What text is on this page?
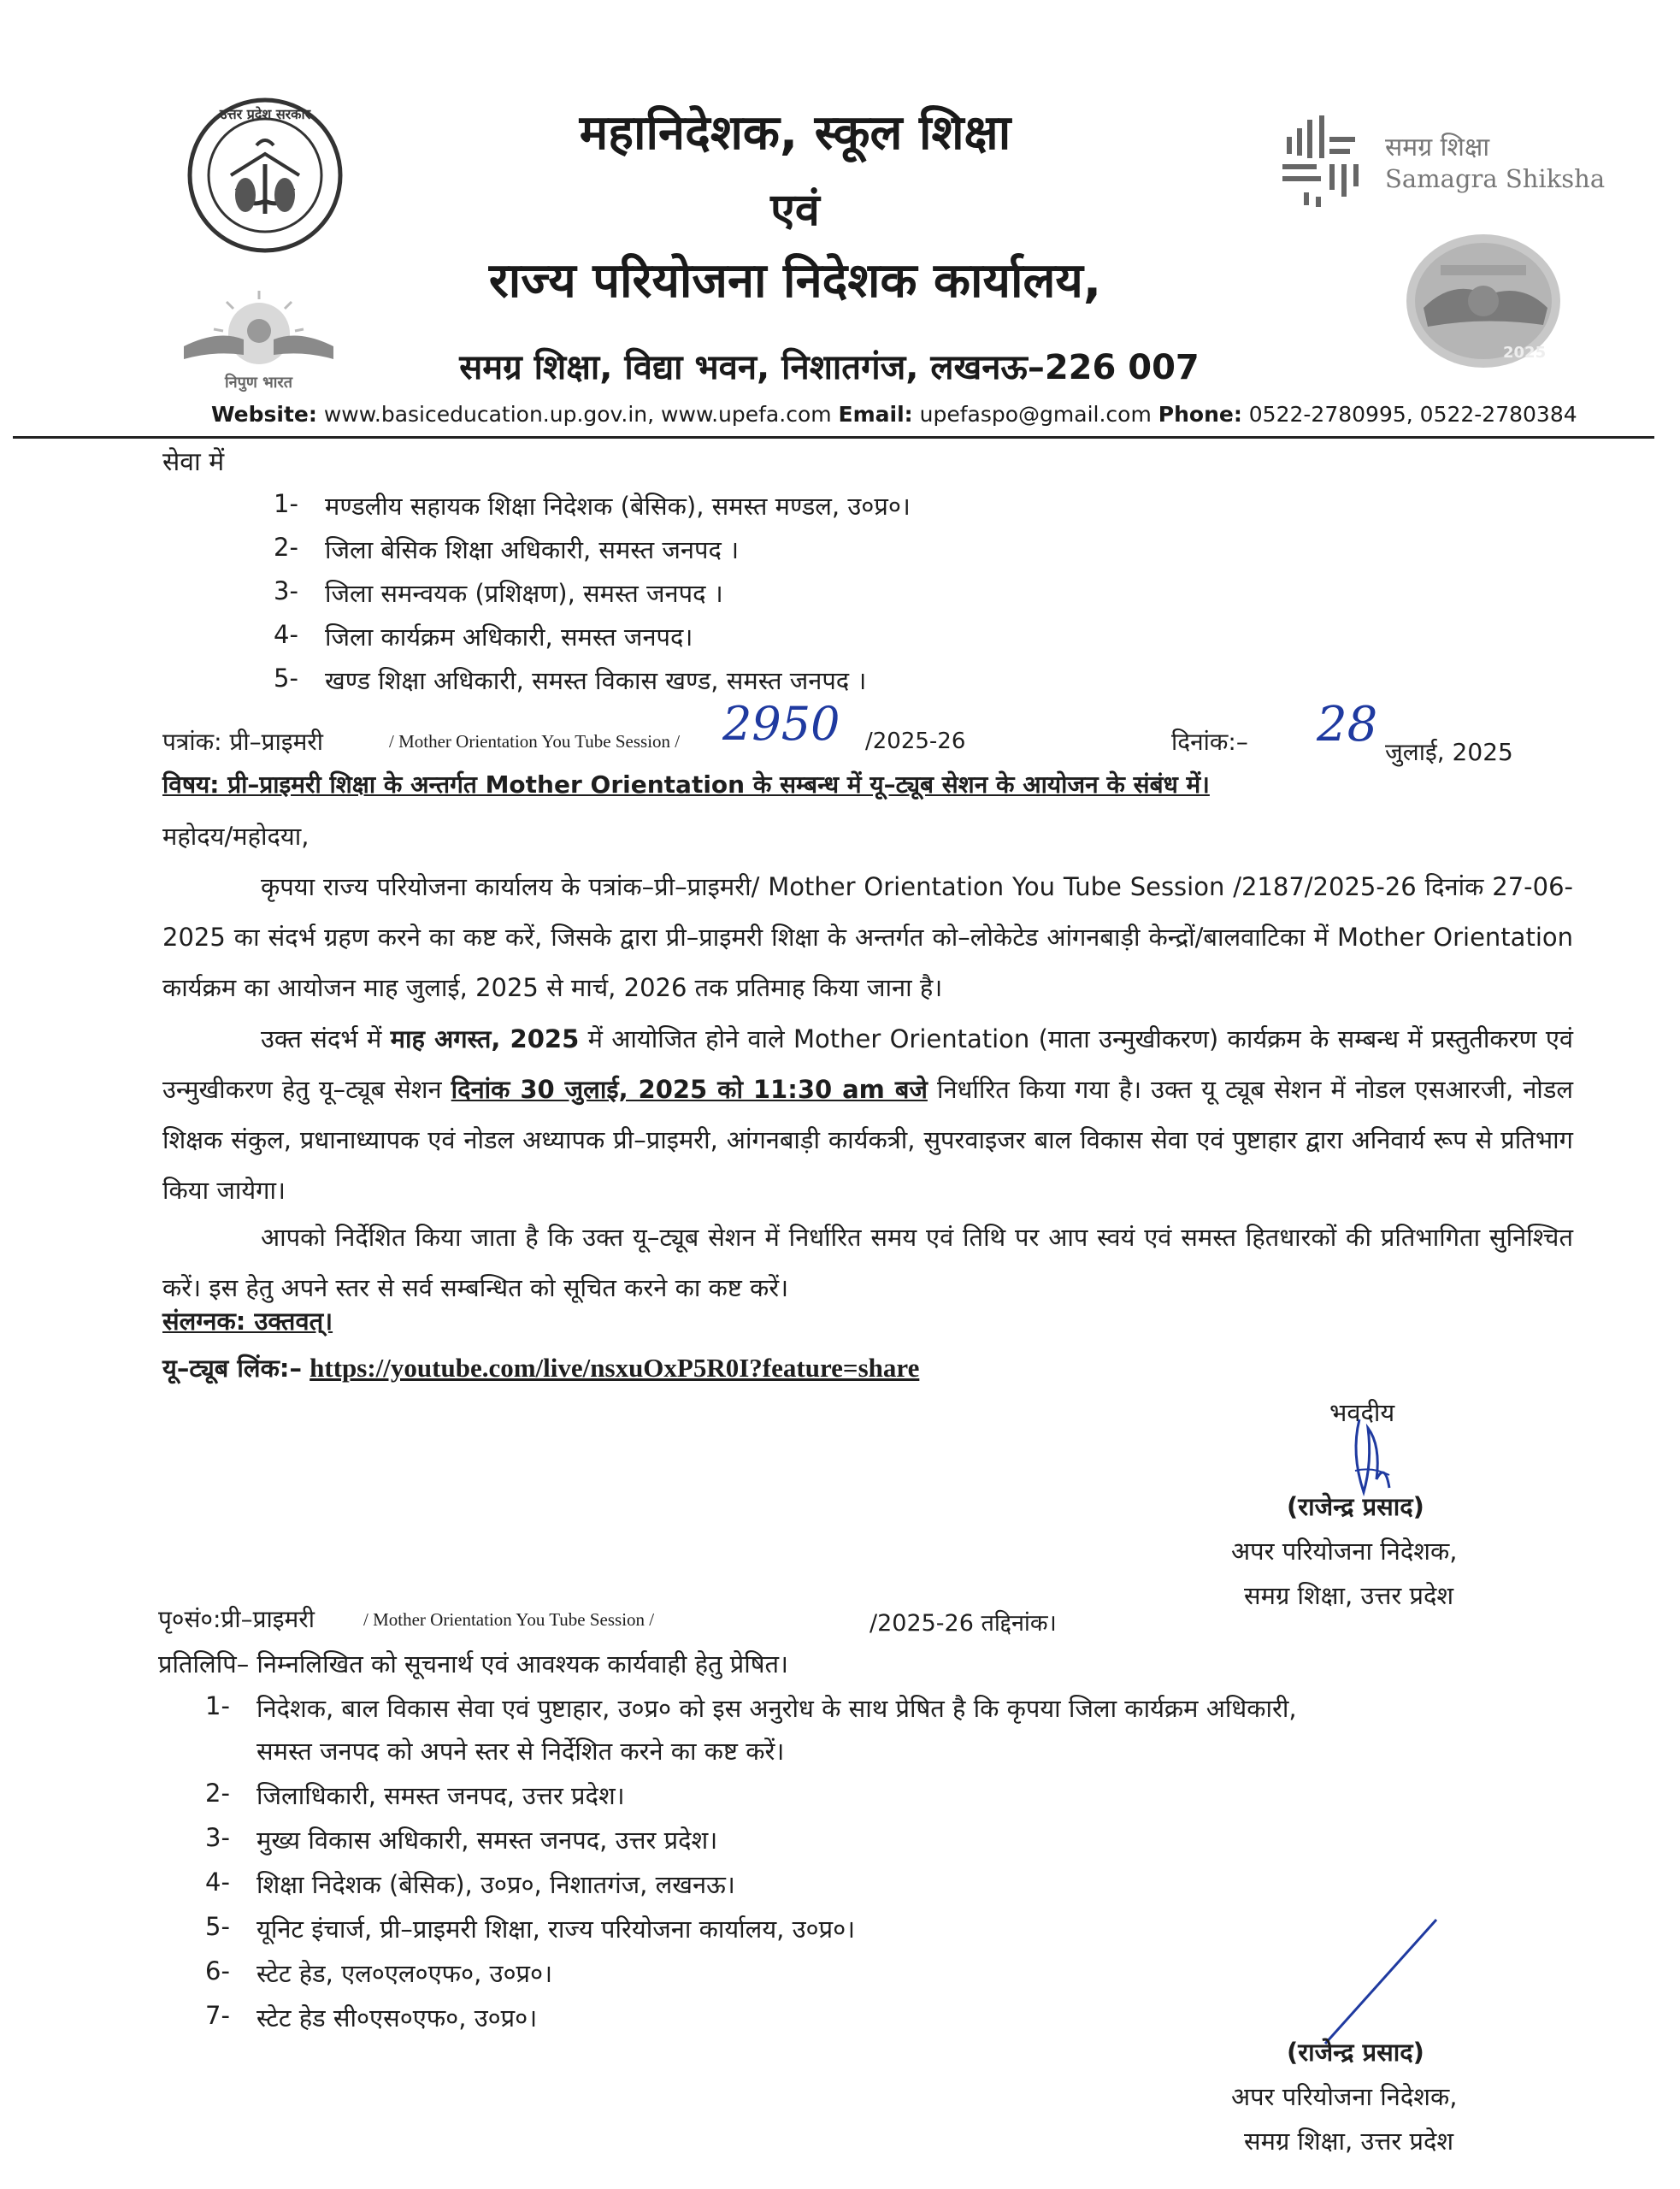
उत्तर प्रदेश सरकार
निपुण भारत
महानिदेशक, स्कूल शिक्षा
एवं
राज्य परियोजना निदेशक कार्यालय,
समग्र शिक्षा, विद्या भवन, निशातगंज, लखनऊ–226 007
समग्र शिक्षा
Samagra Shiksha
2025
Website: www.basiceducation.up.gov.in, www.upefa.com Email: upefaspo@gmail.com Phone: 0522-2780995, 0522-2780384
सेवा में
1-	मण्डलीय सहायक शिक्षा निदेशक (बेसिक), समस्त मण्डल, उ०प्र०।
2-	जिला बेसिक शिक्षा अधिकारी, समस्त जनपद ।
3-	जिला समन्वयक (प्रशिक्षण), समस्त जनपद ।
4-	जिला कार्यक्रम अधिकारी, समस्त जनपद।
5-	खण्ड शिक्षा अधिकारी, समस्त विकास खण्ड, समस्त जनपद ।
पत्रांक: प्री–प्राइमरी	/ Mother Orientation You Tube Session / 2950 /2025-26	दिनांक:– 28 जुलाई, 2025
विषय: प्री–प्राइमरी शिक्षा के अन्तर्गत Mother Orientation के सम्बन्ध में यू–ट्यूब सेशन के आयोजन के संबंध में।
महोदय/महोदया,
कृपया राज्य परियोजना कार्यालय के पत्रांक–प्री–प्राइमरी/ Mother Orientation You Tube Session /2187/2025-26 दिनांक 27-06-2025 का संदर्भ ग्रहण करने का कष्ट करें, जिसके द्वारा प्री–प्राइमरी शिक्षा के अन्तर्गत को–लोकेटेड आंगनबाड़ी केन्द्रों/बालवाटिका में Mother Orientation कार्यक्रम का आयोजन माह जुलाई, 2025 से मार्च, 2026 तक प्रतिमाह किया जाना है।
उक्त संदर्भ में माह अगस्त, 2025 में आयोजित होने वाले Mother Orientation (माता उन्मुखीकरण) कार्यक्रम के सम्बन्ध में प्रस्तुतीकरण एवं उन्मुखीकरण हेतु यू–ट्यूब सेशन दिनांक 30 जुलाई, 2025 को 11:30 am बजे निर्धारित किया गया है। उक्त यू ट्यूब सेशन में नोडल एसआरजी, नोडल शिक्षक संकुल, प्रधानाध्यापक एवं नोडल अध्यापक प्री–प्राइमरी, आंगनबाड़ी कार्यकत्री, सुपरवाइजर बाल विकास सेवा एवं पुष्टाहार द्वारा अनिवार्य रूप से प्रतिभाग किया जायेगा।
आपको निर्देशित किया जाता है कि उक्त यू–ट्यूब सेशन में निर्धारित समय एवं तिथि पर आप स्वयं एवं समस्त हितधारकों की प्रतिभागिता सुनिश्चित करें। इस हेतु अपने स्तर से सर्व सम्बन्धित को सूचित करने का कष्ट करें।
संलग्नक: उक्तवत्।
यू–ट्यूब लिंक:– https://youtube.com/live/nsxuOxP5R0I?feature=share
भवदीय
(राजेन्द्र प्रसाद)
अपर परियोजना निदेशक,
समग्र शिक्षा, उत्तर प्रदेश
पृ०सं०:प्री–प्राइमरी	/ Mother Orientation You Tube Session /	/2025-26 तद्दिनांक।
प्रतिलिपि– निम्नलिखित को सूचनार्थ एवं आवश्यक कार्यवाही हेतु प्रेषित।
1-	निदेशक, बाल विकास सेवा एवं पुष्टाहार, उ०प्र० को इस अनुरोध के साथ प्रेषित है कि कृपया जिला कार्यक्रम अधिकारी,
समस्त जनपद को अपने स्तर से निर्देशित करने का कष्ट करें।
2-	जिलाधिकारी, समस्त जनपद, उत्तर प्रदेश।
3-	मुख्य विकास अधिकारी, समस्त जनपद, उत्तर प्रदेश।
4-	शिक्षा निदेशक (बेसिक), उ०प्र०, निशातगंज, लखनऊ।
5-	यूनिट इंचार्ज, प्री–प्राइमरी शिक्षा, राज्य परियोजना कार्यालय, उ०प्र०।
6-	स्टेट हेड, एल०एल०एफ०, उ०प्र०।
7-	स्टेट हेड सी०एस०एफ०, उ०प्र०।
(राजेन्द्र प्रसाद)
अपर परियोजना निदेशक,
समग्र शिक्षा, उत्तर प्रदेश
